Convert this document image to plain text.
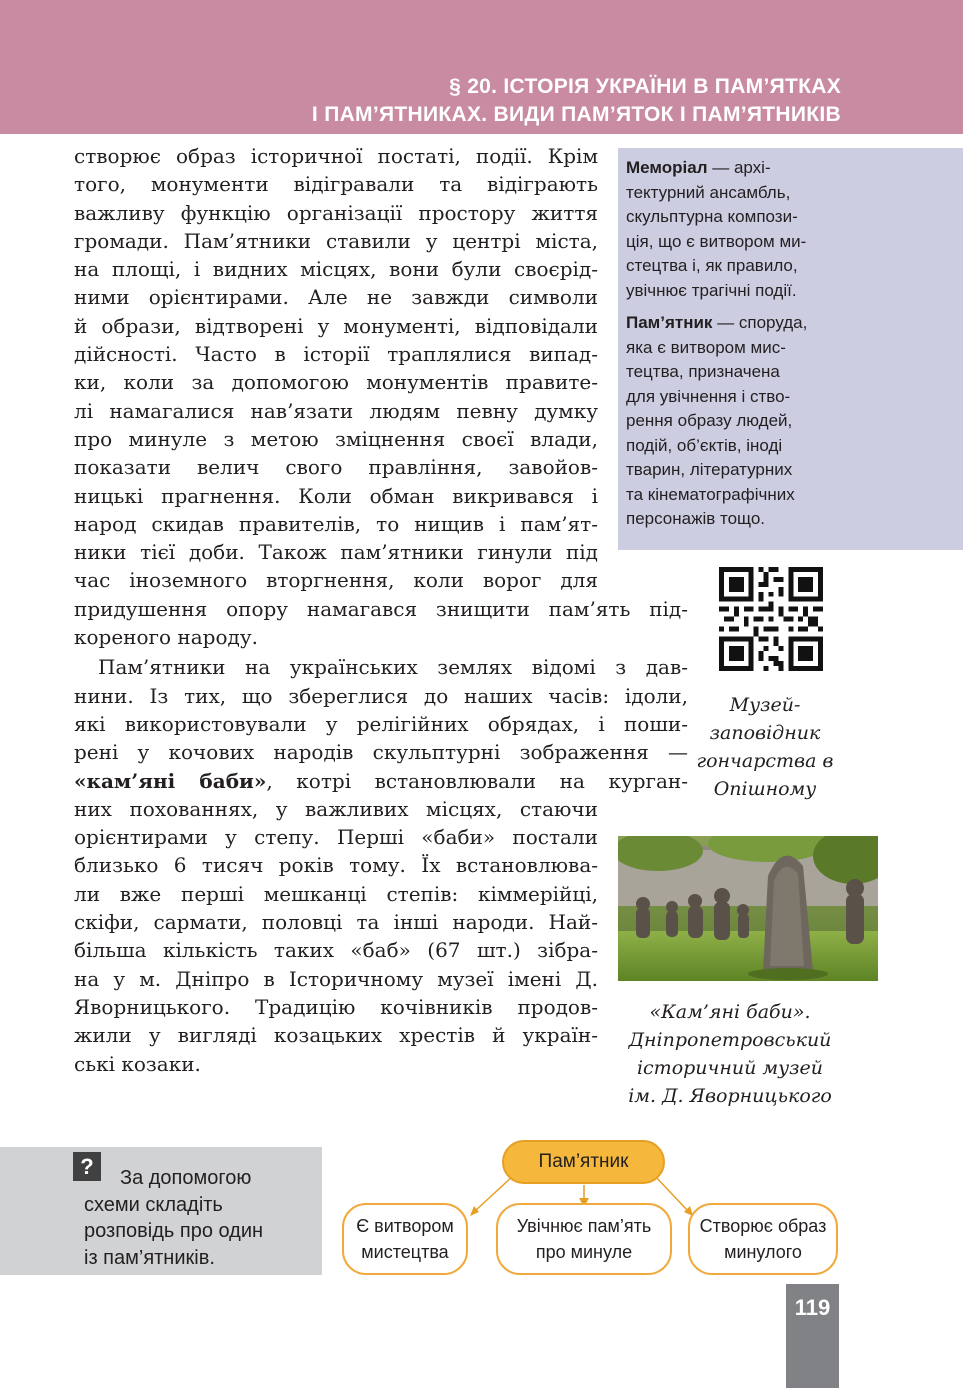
§ 20. ІСТОРІЯ УКРАЇНИ В ПАМ’ЯТКАХ
І ПАМ’ЯТНИКАХ. ВИДИ ПАМ’ЯТОК І ПАМ’ЯТНИКІВ

створює образ історичної постаті, події. Крім
того, монументи відігравали та відіграють
важливу функцію організації простору життя
громади. Пам’ятники ставили у центрі міста,
на площі, і видних місцях, вони були своєрід-
ними орієнтирами. Але не завжди символи
й образи, відтворені у монументі, відповідали
дійсності. Часто в історії траплялися випад-
ки, коли за допомогою монументів правите-
лі намагалися нав’язати людям певну думку
про минуле з метою зміцнення своєї влади,
показати велич свого правління, завойов-
ницькі прагнення. Коли обман викривався і
народ скидав правителів, то нищив і пам’ят-
ники тієї доби. Також пам’ятники гинули під
час іноземного вторгнення, коли ворог для
придушення опору намагався знищити пам’ять під-
кореного народу.

Пам’ятники на українських землях відомі з дав-
нини. Із тих, що збереглися до наших часів: ідоли,
які використовували у релігійних обрядах, і поши-
рені у кочових народів скульптурні зображення —
«кам’яні баби», котрі встановлювали на курган-
них похованнях, у важливих місцях, стаючи
орієнтирами у степу. Перші «баби» постали
близько 6 тисяч років тому. Їх встановлюва-
ли вже перші мешканці степів: кіммерійці,
скіфи, сармати, половці та інші народи. Най-
більша кількість таких «баб» (67 шт.) зібра-
на у м. Дніпро в Історичному музеї імені Д.
Яворницького. Традицію кочівників продов-
жили у вигляді козацьких хрестів й україн-
ські козаки.

Меморіал — архі-
тектурний ансамбль,
скульптурна компози-
ція, що є витвором ми-
стецтва і, як правило,
увічнює трагічні події.
Пам’ятник — споруда,
яка є витвором мис-
тецтва, призначена
для увічнення і ство-
рення образу людей,
подій, об’єктів, іноді
тварин, літературних
та кінематографічних
персонажів тощо.
Музей-
заповідник
гончарства в
Опішному
«Кам’яні баби».
Дніпропетровський
історичний музей
ім. Д. Яворницького
?	За допомогою
схеми складіть
розповідь про один
із пам’ятників.
Пам’ятник
Є витвором
мистецтва
Увічнює пам’ять
про минуле
Створює образ
минулого
119
